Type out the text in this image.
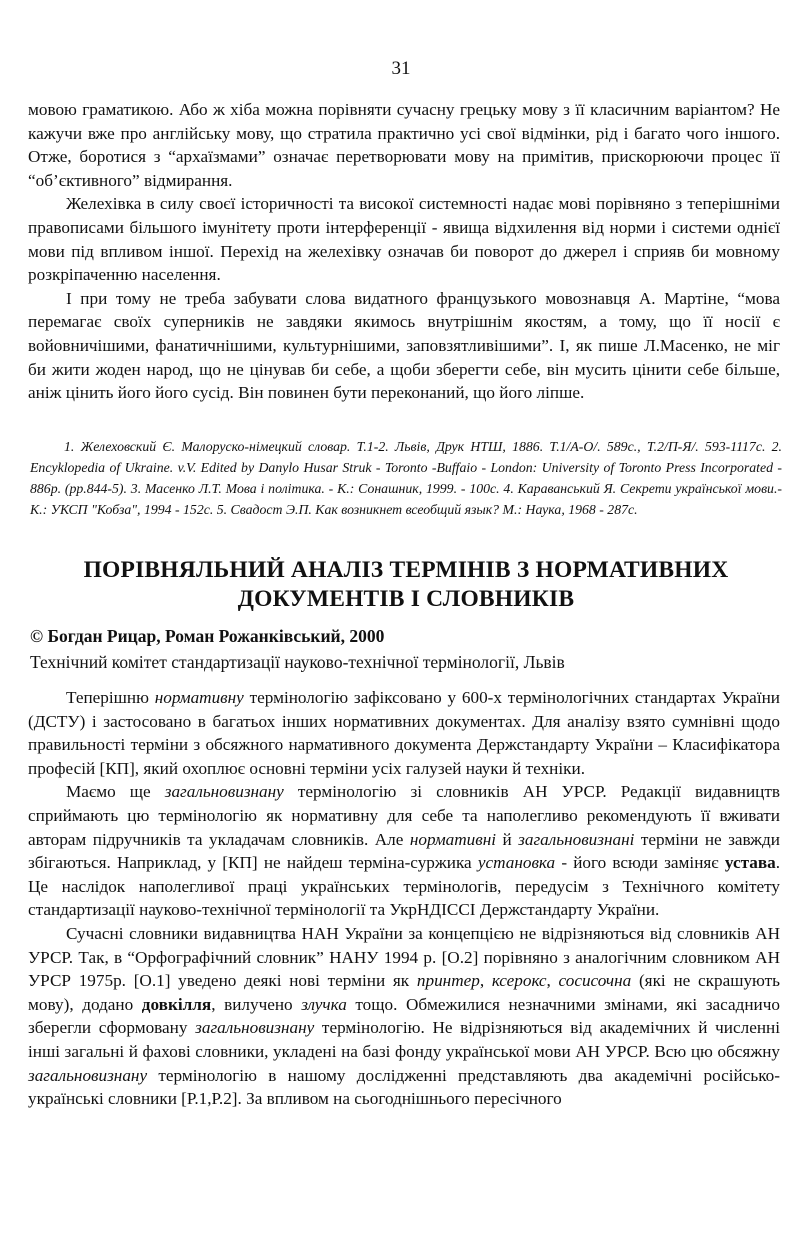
31

мовою граматикою. Або ж хіба можна порівняти сучасну грецьку мову з її класичним варіантом? Не кажучи вже про англійську мову, що стратила практично усі свої відмінки, рід і багато чого іншого. Отже, боротися з “архаїзмами” означає перетворювати мову на примітив, прискорюючи процес її “об’єктивного” відмирання.

Желехівка в силу своєї історичності та високої системності надає мові порівняно з теперішніми правописами більшого імунітету проти інтерференції - явища відхилення від норми і системи однієї мови під впливом іншої. Перехід на желехівку означав би поворот до джерел і сприяв би мовному розкріпаченню населення.

І при тому не треба забувати слова видатного французького мовознавця А. Мартіне, “мова перемагає своїх суперників не завдяки якимось внутрішнім якостям, а тому, що її носії є войовничішими, фанатичнішими, культурнішими, заповзятливішими”. І, як пише Л.Масенко, не міг би жити жоден народ, що не цінував би себе, а щоби зберегти себе, він мусить цінити себе більше, аніж цінить його його сусід. Він повинен бути переконаний, що його ліпше.

1. Желеховский Є. Малоруско-німецкий словар. Т.1-2. Львів, Друк НТШ, 1886. Т.1/А-О/. 589с., Т.2/П-Я/. 593-1117с. 2. Encyklopedia of Ukraine. v.V. Edited by Danylo Husar Struk - Toronto -Buffaio - London: University of Toronto Press Incorporated - 886р. (рр.844-5). 3. Масенко Л.Т. Мова і політика. - К.: Сонашник, 1999. - 100с. 4. Караванський Я. Секрети української мови.- К.: УКСП "Кобза", 1994 - 152с. 5. Свадост Э.П. Как возникнет всеобщий язык? М.: Наука, 1968 - 287с.
ПОРІВНЯЛЬНИЙ АНАЛІЗ ТЕРМІНІВ З НОРМАТИВНИХ
ДОКУМЕНТІВ І СЛОВНИКІВ
© Богдан Рицар, Роман Рожанківський, 2000
Технічний комітет стандартизації науково-технічної термінології, Львів

Теперішню нормативну термінологію зафіксовано у 600-х термінологічних стандартах України (ДСТУ) і застосовано в багатьох інших нормативних документах. Для аналізу взято сумнівні щодо правильності терміни з обсяжного нармативного документа Держстандарту України – Класифікатора професій [КП], який охоплює основні терміни усіх галузей науки й техніки.

Маємо ще загальновизнану термінологію зі словників АН УРСР. Редакції видавництв сприймають цю термінологію як нормативну для себе та наполегливо рекомендують її вживати авторам підручників та укладачам словників. Але нормативні й загальновизнані терміни не завжди збігаються. Наприклад, у [КП] не найдеш терміна-суржика установка - його всюди заміняє устава. Це наслідок наполегливої праці українських термінологів, передусім з Технічного комітету стандартизації науково-технічної термінології та УкрНДІССІ Держстандарту України.

Сучасні словники видавництва НАН України за концепцією не відрізняються від словників АН УРСР. Так, в “Орфографічний словник” НАНУ 1994 р. [О.2] порівняно з аналогічним словником АН УРСР 1975р. [О.1] уведено деякі нові терміни як принтер, ксерокс, сосисочна (які не скрашують мову), додано довкілля, вилучено злучка тощо. Обмежилися незначними змінами, які засадничо зберегли сформовану загальновизнану термінологію. Не відрізняються від академічних й численні інші загальні й фахові словники, укладені на базі фонду української мови АН УРСР. Всю цю обсяжну загальновизнану термінологію в нашому дослідженні представляють два академічні російсько-українські словники [Р.1,Р.2]. За впливом на сьогоднішнього пересічного
